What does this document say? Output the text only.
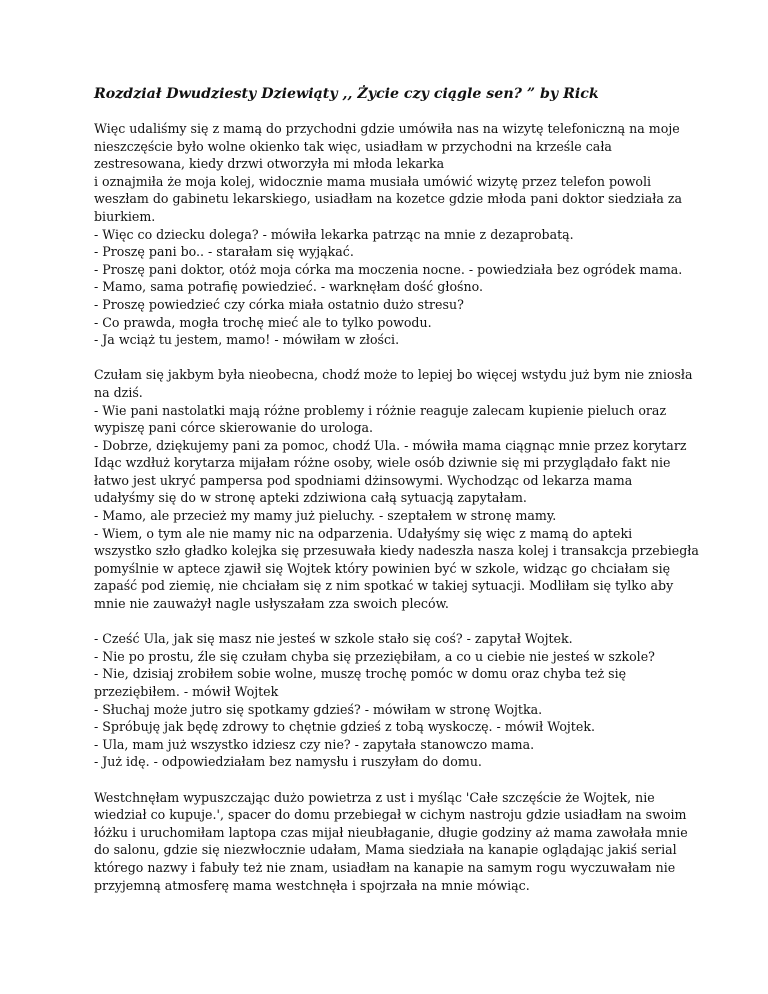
Rozdział Dwudziesty Dziewiąty ,, Życie czy ciągle sen? ” by Rick
Więc udaliśmy się z mamą do przychodni gdzie umówiła nas na wizytę telefoniczną na moje
nieszczęście było wolne okienko tak więc, usiadłam w przychodni na krześle cała
zestresowana, kiedy drzwi otworzyła mi młoda lekarka
i oznajmiła że moja kolej, widocznie mama musiała umówić wizytę przez telefon powoli
weszłam do gabinetu lekarskiego, usiadłam na kozetce gdzie młoda pani doktor siedziała za
biurkiem.
- Więc co dziecku dolega? - mówiła lekarka patrząc na mnie z dezaprobatą.
- Proszę pani bo.. - starałam się wyjąkać.
- Proszę pani doktor, otóż moja córka ma moczenia nocne. - powiedziała bez ogródek mama.
- Mamo, sama potrafię powiedzieć. - warknęłam dość głośno.
- Proszę powiedzieć czy córka miała ostatnio dużo stresu?
- Co prawda, mogła trochę mieć ale to tylko powodu.
- Ja wciąż tu jestem, mamo! - mówiłam w złości.
Czułam się jakbym była nieobecna, chodź może to lepiej bo więcej wstydu już bym nie zniosła
na dziś.
- Wie pani nastolatki mają różne problemy i różnie reaguje zalecam kupienie pieluch oraz
wypiszę pani córce skierowanie do urologa.
- Dobrze, dziękujemy pani za pomoc, chodź Ula. - mówiła mama ciągnąc mnie przez korytarz
Idąc wzdłuż korytarza mijałam różne osoby, wiele osób dziwnie się mi przyglądało fakt nie
łatwo jest ukryć pampersa pod spodniami dżinsowymi. Wychodząc od lekarza mama
udałyśmy się do w stronę apteki zdziwiona całą sytuacją zapytałam.
- Mamo, ale przecież my mamy już pieluchy. - szeptałem w stronę mamy.
- Wiem, o tym ale nie mamy nic na odparzenia. Udałyśmy się więc z mamą do apteki
wszystko szło gładko kolejka się przesuwała kiedy nadeszła nasza kolej i transakcja przebiegła
pomyślnie w aptece zjawił się Wojtek który powinien być w szkole, widząc go chciałam się
zapaść pod ziemię, nie chciałam się z nim spotkać w takiej sytuacji. Modliłam się tylko aby
mnie nie zauważył nagle usłyszałam zza swoich pleców.
- Cześć Ula, jak się masz nie jesteś w szkole stało się coś? - zapytał Wojtek.
- Nie po prostu, źle się czułam chyba się przeziębiłam, a co u ciebie nie jesteś w szkole?
- Nie, dzisiaj zrobiłem sobie wolne, muszę trochę pomóc w domu oraz chyba też się
przeziębiłem. - mówił Wojtek
- Słuchaj może jutro się spotkamy gdzieś? - mówiłam w stronę Wojtka.
- Spróbuję jak będę zdrowy to chętnie gdzieś z tobą wyskoczę. - mówił Wojtek.
- Ula, mam już wszystko idziesz czy nie? - zapytała stanowczo mama.
- Już idę. - odpowiedziałam bez namysłu i ruszyłam do domu.
Westchnęłam wypuszczając dużo powietrza z ust i myśląc 'Całe szczęście że Wojtek, nie
wiedział co kupuje.', spacer do domu przebiegał w cichym nastroju gdzie usiadłam na swoim
łóżku i uruchomiłam laptopa czas mijał nieubłaganie, długie godziny aż mama zawołała mnie
do salonu, gdzie się niezwłocznie udałam, Mama siedziała na kanapie oglądając jakiś serial
którego nazwy i fabuły też nie znam, usiadłam na kanapie na samym rogu wyczuwałam nie
przyjemną atmosferę mama westchnęła i spojrzała na mnie mówiąc.
